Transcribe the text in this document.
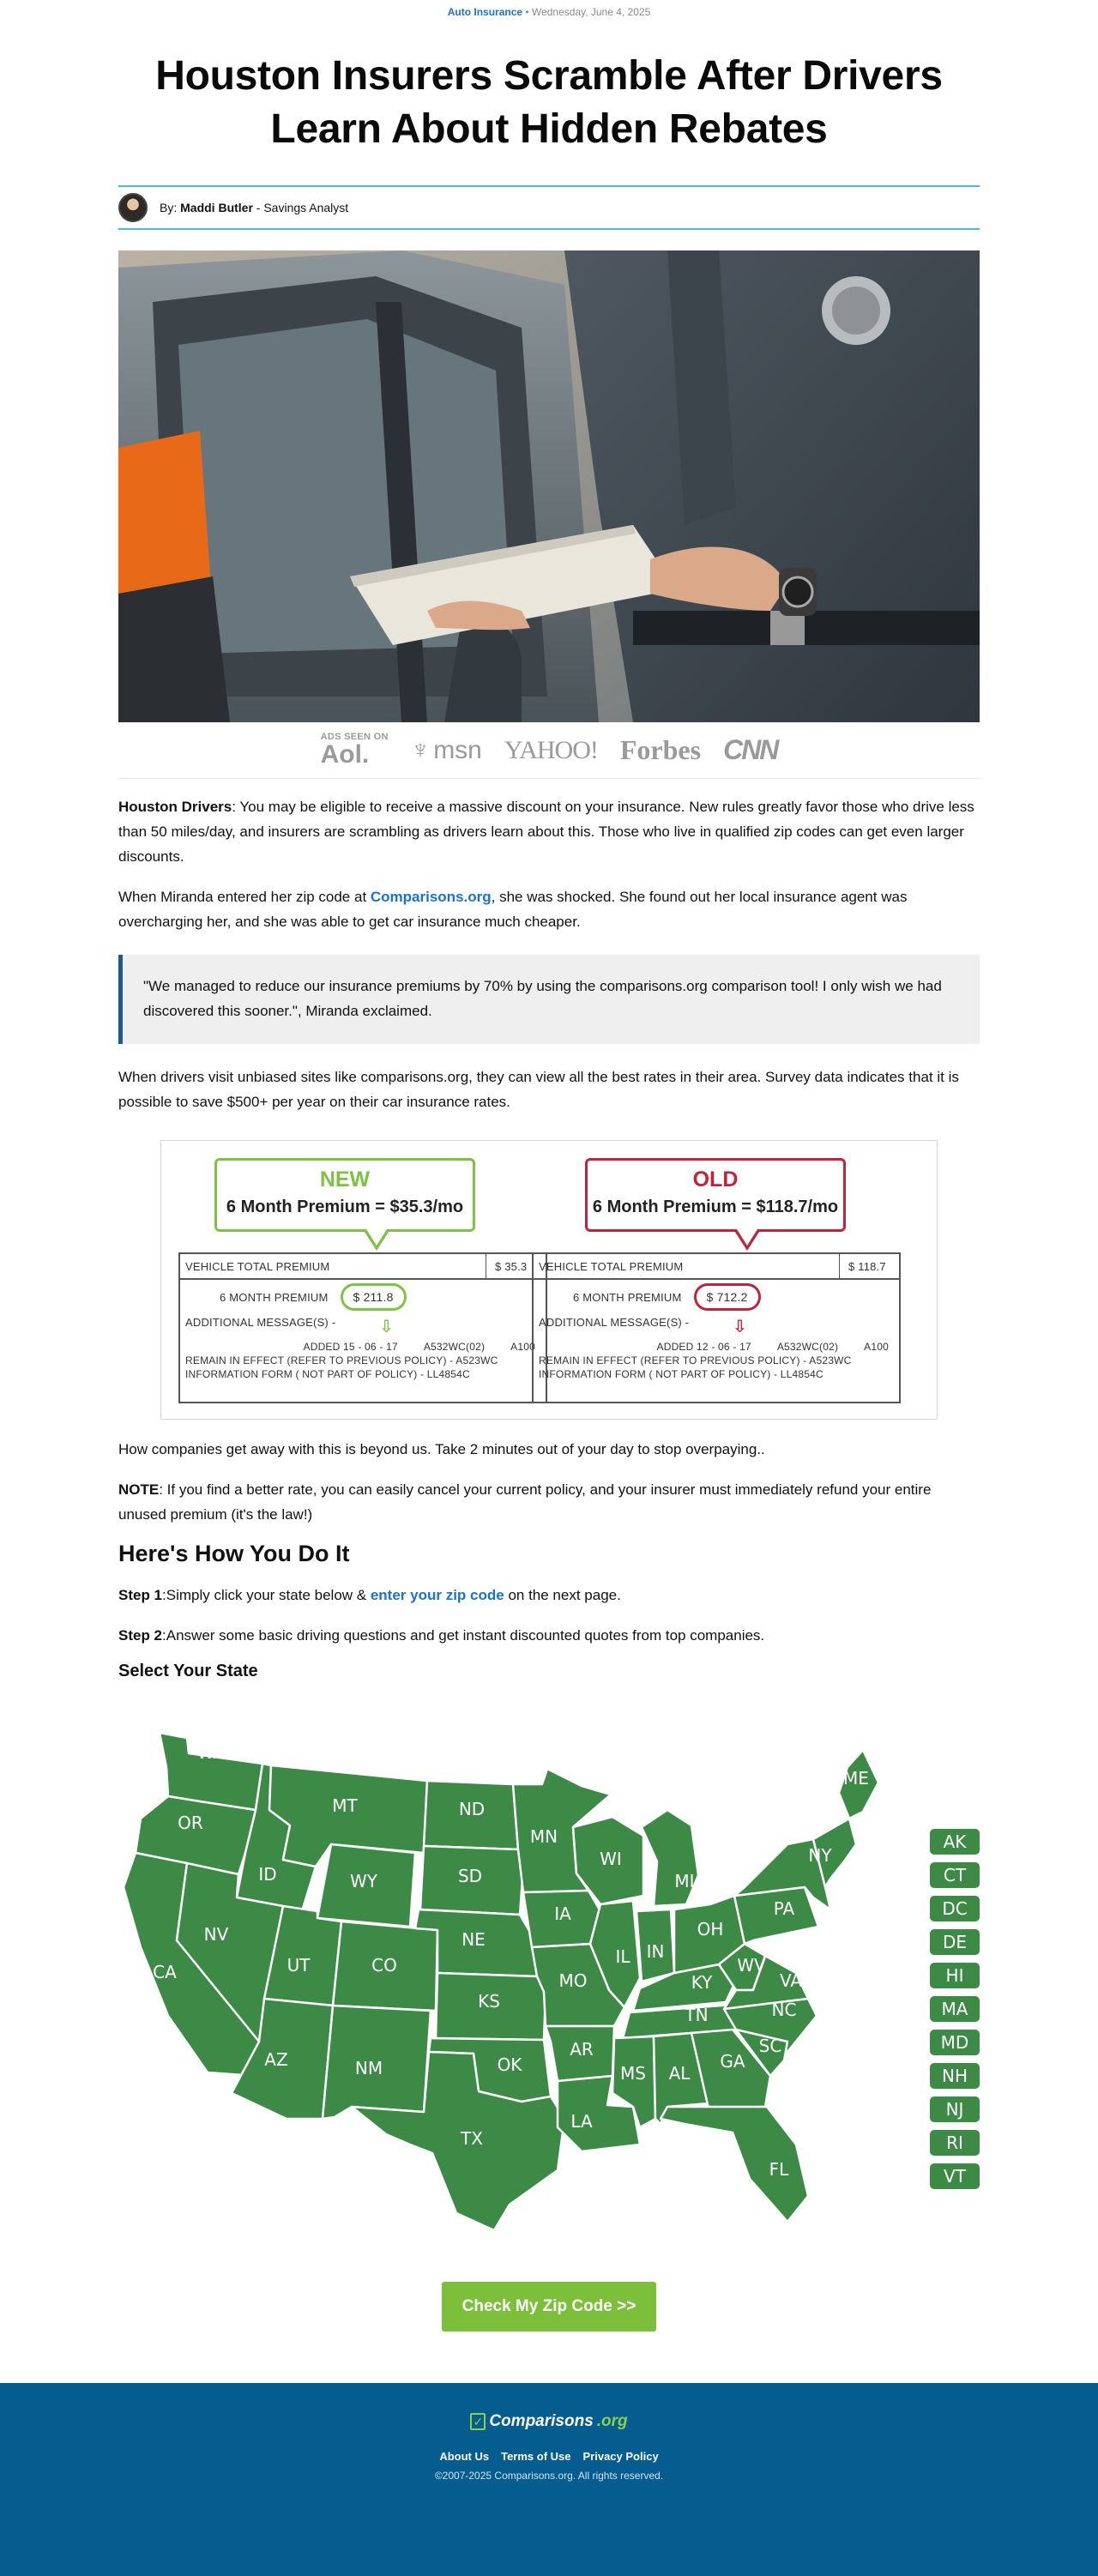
Auto Insurance • Wednesday, June 4, 2025
Houston Insurers Scramble After Drivers Learn About Hidden Rebates
By:
Maddi Butler
- Savings Analyst
ADS SEEN ON
Aol.	♆ msn YAHOO! Forbes CNN

Houston Drivers: You may be eligible to receive a massive discount on your insurance. New rules greatly favor those who drive less than 50 miles/day, and insurers are scrambling as drivers learn about this. Those who live in qualified zip codes can get even larger discounts.

When Miranda entered her zip code at Comparisons.org, she was shocked. She found out her local insurance agent was overcharging her, and she was able to get car insurance much cheaper.

"We managed to reduce our insurance premiums by 70% by using the comparisons.org comparison tool! I only wish we had discovered this sooner.", Miranda exclaimed.

When drivers visit unbiased sites like comparisons.org, they can view all the best rates in their area. Survey data indicates that it is possible to save $500+ per year on their car insurance rates.

NEW
6 Month Premium = $35.3/mo
VEHICLE TOTAL PREMIUM	$ 35.3
6 MONTH PREMIUM	$ 211.8
⇩
ADDITIONAL MESSAGE(S) -
ADDED 15 - 06 - 17	A532WC(02)	A100
REMAIN IN EFFECT (REFER TO PREVIOUS POLICY) - A523WC
INFORMATION FORM ( NOT PART OF POLICY) - LL4854C
OLD
6 Month Premium = $118.7/mo
VEHICLE TOTAL PREMIUM	$ 118.7
6 MONTH PREMIUM	$ 712.2
⇩
ADDITIONAL MESSAGE(S) -
ADDED 12 - 06 - 17	A532WC(02)	A100
REMAIN IN EFFECT (REFER TO PREVIOUS POLICY) - A523WC
INFORMATION FORM ( NOT PART OF POLICY) - LL4854C

How companies get away with this is beyond us. Take 2 minutes out of your day to stop overpaying..

NOTE: If you find a better rate, you can easily cancel your current policy, and your insurer must immediately refund your entire unused premium (it's the law!)

Here's How You Do It

Step 1:Simply click your state below & enter your zip code on the next page.

Step 2:Answer some basic driving questions and get instant discounted quotes from top companies.

Select Your State
WA
OR
CA
ID
NV
MT
WY
UT
AZ
CO
NM
ND
SD
NE
KS
OK
TX
MN
IA
MO
AR
LA
WI
IL
MI
IN
KY
TN
MS AL
GA
FL
OH
WV
VA
NC
SC
PA
NY
ME
AK
CT
DC
DE
HI
MA
MD
NH
NJ
RI
VT
Check My Zip Code >>
✓ Comparisons .org
About Us Terms of Use Privacy Policy
©2007-2025 Comparisons.org. All rights reserved.
